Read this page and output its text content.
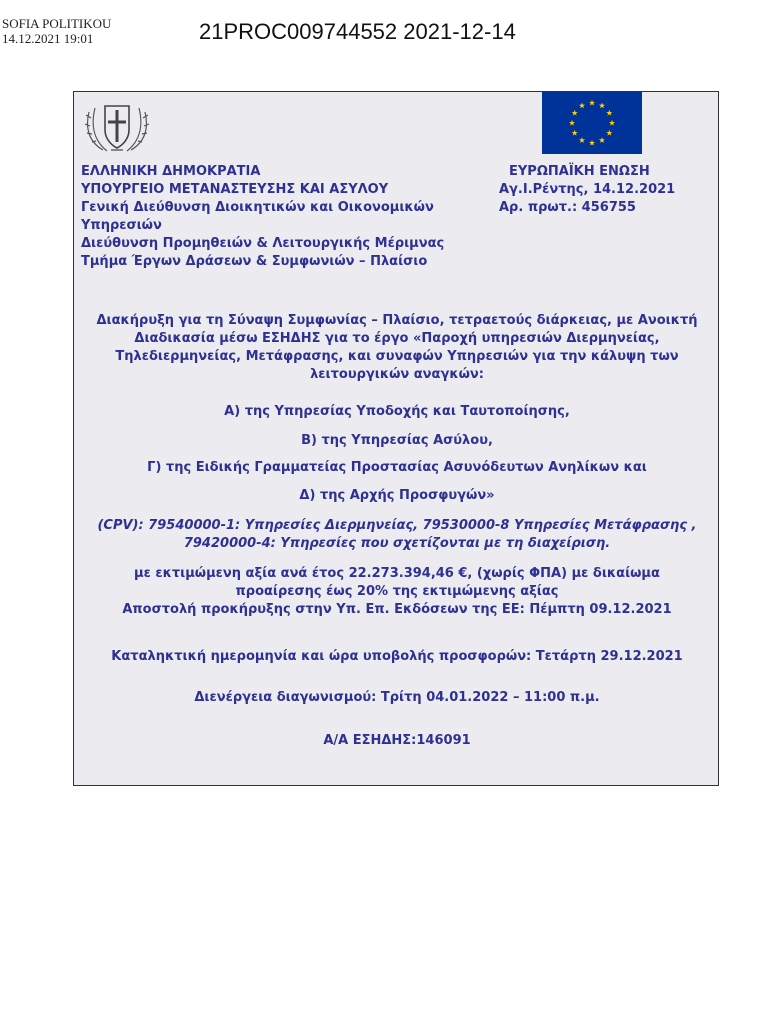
SOFIA POLITIKOU
14.12.2021 19:01	21PROC009744552 2021-12-14
ΕΛΛΗΝΙΚΗ ΔΗΜΟΚΡΑΤΙΑ
ΥΠΟΥΡΓΕΙΟ ΜΕΤΑΝΑΣΤΕΥΣΗΣ ΚΑΙ ΑΣΥΛΟΥ
Γενική Διεύθυνση Διοικητικών και Οικονομικών
Υπηρεσιών
Διεύθυνση Προμηθειών & Λειτουργικής Μέριμνας
Τμήμα Έργων Δράσεων & Συμφωνιών – Πλαίσιο
ΕΥΡΩΠΑΪΚΗ ΕΝΩΣΗ
Αγ.Ι.Ρέντης, 14.12.2021
Αρ. πρωτ.: 456755

Διακήρυξη για τη Σύναψη Συμφωνίας – Πλαίσιο, τετραετούς διάρκειας, με Ανοικτή

Διαδικασία μέσω ΕΣΗΔΗΣ για το έργο «Παροχή υπηρεσιών Διερμηνείας,

Τηλεδιερμηνείας, Μετάφρασης, και συναφών Υπηρεσιών για την κάλυψη των

λειτουργικών αναγκών:

Α) της Υπηρεσίας Υποδοχής και Ταυτοποίησης,
Β) της Υπηρεσίας Ασύλου,
Γ) της Ειδικής Γραμματείας Προστασίας Ασυνόδευτων Ανηλίκων και
Δ) της Αρχής Προσφυγών»

(CPV): 79540000-1: Υπηρεσίες Διερμηνείας, 79530000-8 Υπηρεσίες Μετάφρασης ,

79420000-4: Υπηρεσίες που σχετίζονται με τη διαχείριση.

με εκτιμώμενη αξία ανά έτος 22.273.394,46 €, (χωρίς ΦΠΑ) με δικαίωμα

προαίρεσης έως 20% της εκτιμώμενης αξίας

Αποστολή προκήρυξης στην Υπ. Επ. Εκδόσεων της ΕΕ: Πέμπτη 09.12.2021

Καταληκτική ημερομηνία και ώρα υποβολής προσφορών: Τετάρτη 29.12.2021
Διενέργεια διαγωνισμού: Τρίτη 04.01.2022 – 11:00 π.μ.
Α/Α ΕΣΗΔΗΣ:146091
